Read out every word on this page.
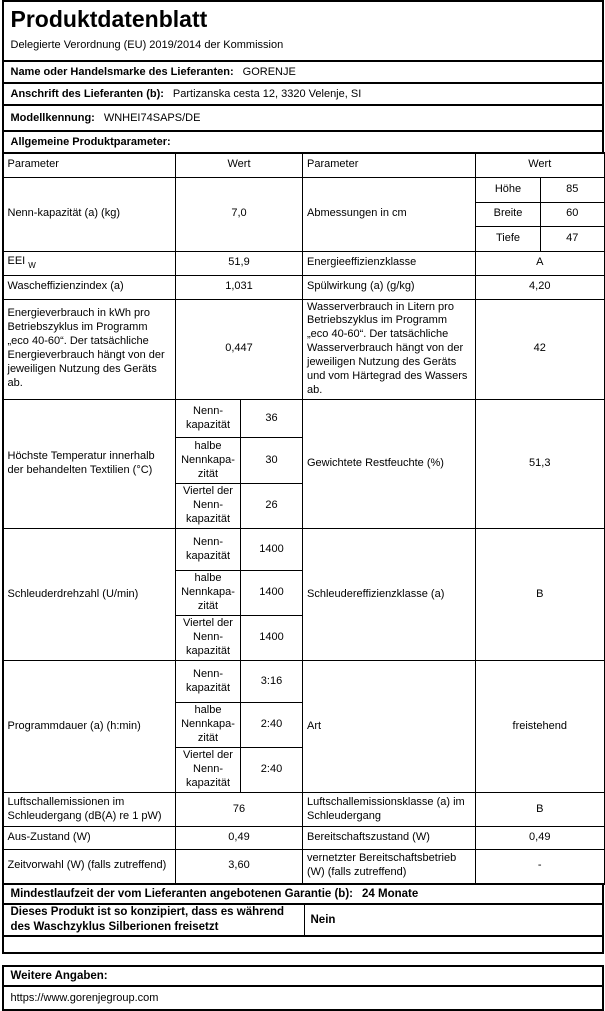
Produktdatenblatt
Delegierte Verordnung (EU) 2019/2014 der Kommission
Name oder Handelsmarke des Lieferanten: GORENJE
Anschrift des Lieferanten (b): Partizanska cesta 12, 3320 Velenje, SI
Modellkennung: WNHEI74SAPS/DE
Allgemeine Produktparameter:
Parameter	Wert		Parameter	Wert	
Nenn-kapazität (a) (kg)	7,0		Abmessungen in cm	Höhe	85
				Breite	60
				Tiefe	47
EEI $_W$	51,9		Energieeffizienzklasse	A	
Wascheffizienzindex (a)	1,031		Spülwirkung (a) (g/kg)	4,20	
Energieverbrauch in kWh pro Betriebszyklus im Programm „eco 40-60“. Der tatsächliche Energieverbrauch hängt von der jeweiligen Nutzung des Geräts ab.	0,447		Wasserverbrauch in Litern pro Betriebszyklus im Programm „eco 40-60“. Der tatsächliche Wasserverbrauch hängt von der jeweiligen Nutzung des Geräts und vom Härtegrad des Wassers ab.	42	
Höchste Temperatur innerhalb der behandelten Textilien (°C)	Nenn-kapazität	36	Gewichtete Restfeuchte (%)	51,3	
	halbe Nennkapa-zität	30			
	Viertel der Nenn-kapazität	26			
Schleuderdrehzahl (U/min)	Nenn-kapazität	1400	Schleudereffizienzklasse (a)	B	
	halbe Nennkapa-zität	1400			
	Viertel der Nenn-kapazität	1400			
Programmdauer (a) (h:min)	Nenn-kapazität	3:16	Art	freistehend	
	halbe Nennkapa-zität	2:40			
	Viertel der Nenn-kapazität	2:40			
Luftschallemissionen im Schleudergang (dB(A) re 1 pW)	76		Luftschallemissionsklasse (a) im Schleudergang	B	
Aus-Zustand (W)	0,49		Bereitschaftszustand (W)	0,49	
Zeitvorwahl (W) (falls zutreffend)	3,60		vernetzter Bereitschaftsbetrieb (W) (falls zutreffend)	-	
Mindestlaufzeit der vom Lieferanten angebotenen Garantie (b): 24 Monate
Dieses Produkt ist so konzipiert, dass es während des Waschzyklus Silberionen freisetzt
Nein
Weitere Angaben:
https://www.gorenjegroup.com
